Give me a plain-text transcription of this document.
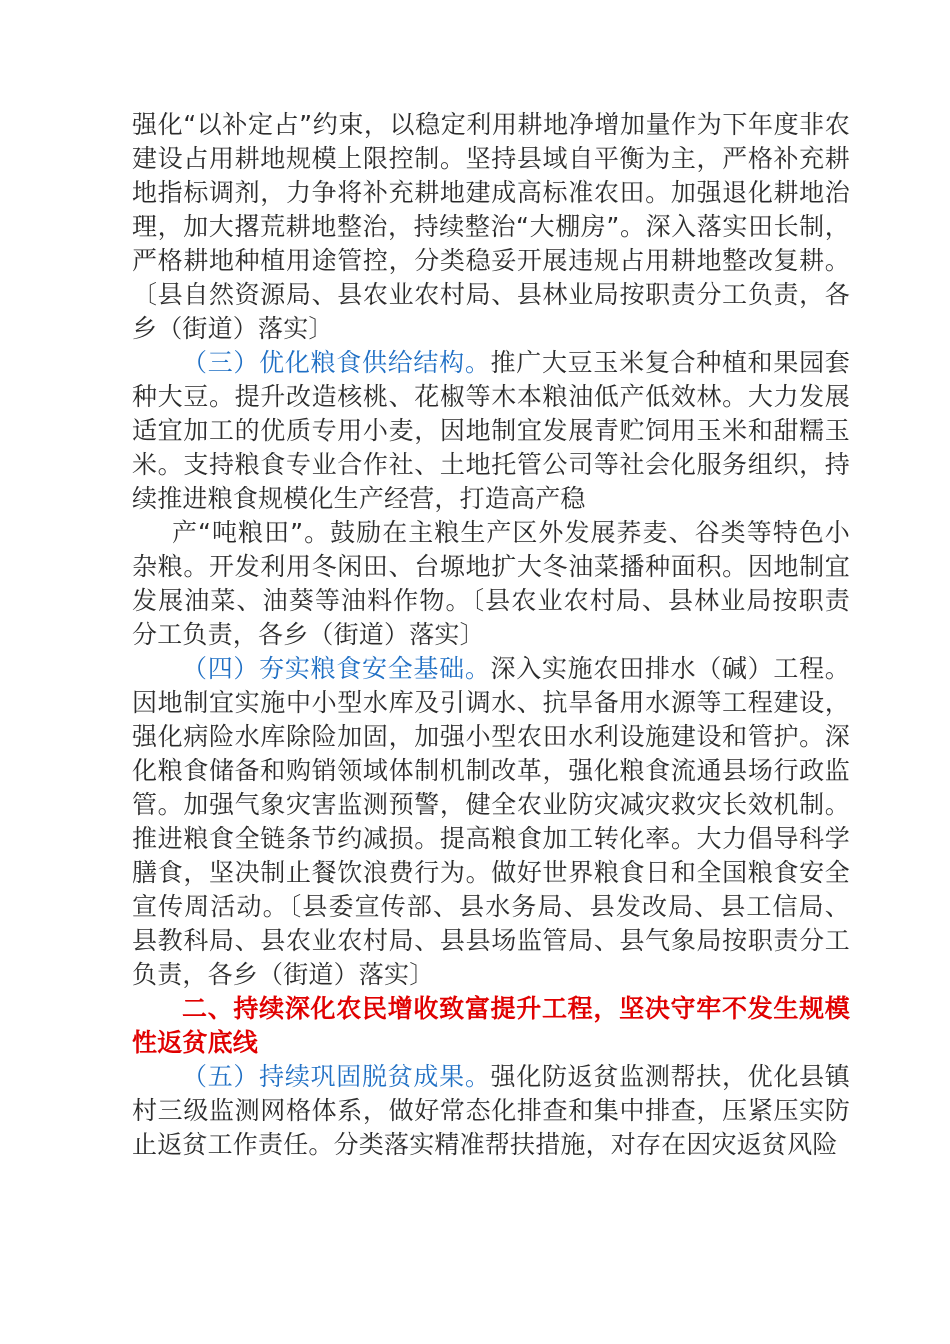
强化“以补定占”约束，以稳定利用耕地净增加量作为下年度非农建设占用耕地规模上限控制。坚持县域自平衡为主，严格补充耕地指标调剂，力争将补充耕地建成高标准农田。加强退化耕地治理，加大撂荒耕地整治，持续整治“大棚房”。深入落实田长制，严格耕地种植用途管控，分类稳妥开展违规占用耕地整改复耕。〔县自然资源局、县农业农村局、县林业局按职责分工负责，各乡（街道）落实〕

（三）优化粮食供给结构。推广大豆玉米复合种植和果园套种大豆。提升改造核桃、花椒等木本粮油低产低效林。大力发展适宜加工的优质专用小麦，因地制宜发展青贮饲用玉米和甜糯玉米。支持粮食专业合作社、土地托管公司等社会化服务组织，持续推进粮食规模化生产经营，打造高产稳

产“吨粮田”。鼓励在主粮生产区外发展荞麦、谷类等特色小杂粮。开发利用冬闲田、台塬地扩大冬油菜播种面积。因地制宜发展油菜、油葵等油料作物。〔县农业农村局、县林业局按职责分工负责，各乡（街道）落实〕

（四）夯实粮食安全基础。深入实施农田排水（碱）工程。因地制宜实施中小型水库及引调水、抗旱备用水源等工程建设，强化病险水库除险加固，加强小型农田水利设施建设和管护。深化粮食储备和购销领域体制机制改革，强化粮食流通县场行政监管。加强气象灾害监测预警，健全农业防灾减灾救灾长效机制。推进粮食全链条节约减损。提高粮食加工转化率。大力倡导科学膳食，坚决制止餐饮浪费行为。做好世界粮食日和全国粮食安全宣传周活动。〔县委宣传部、县水务局、县发改局、县工信局、县教科局、县农业农村局、县县场监管局、县气象局按职责分工负责，各乡（街道）落实〕

二、持续深化农民增收致富提升工程，坚决守牢不发生规模性返贫底线

（五）持续巩固脱贫成果。强化防返贫监测帮扶，优化县镇村三级监测网格体系，做好常态化排查和集中排查，压紧压实防止返贫工作责任。分类落实精准帮扶措施，对存在因灾返贫风险
